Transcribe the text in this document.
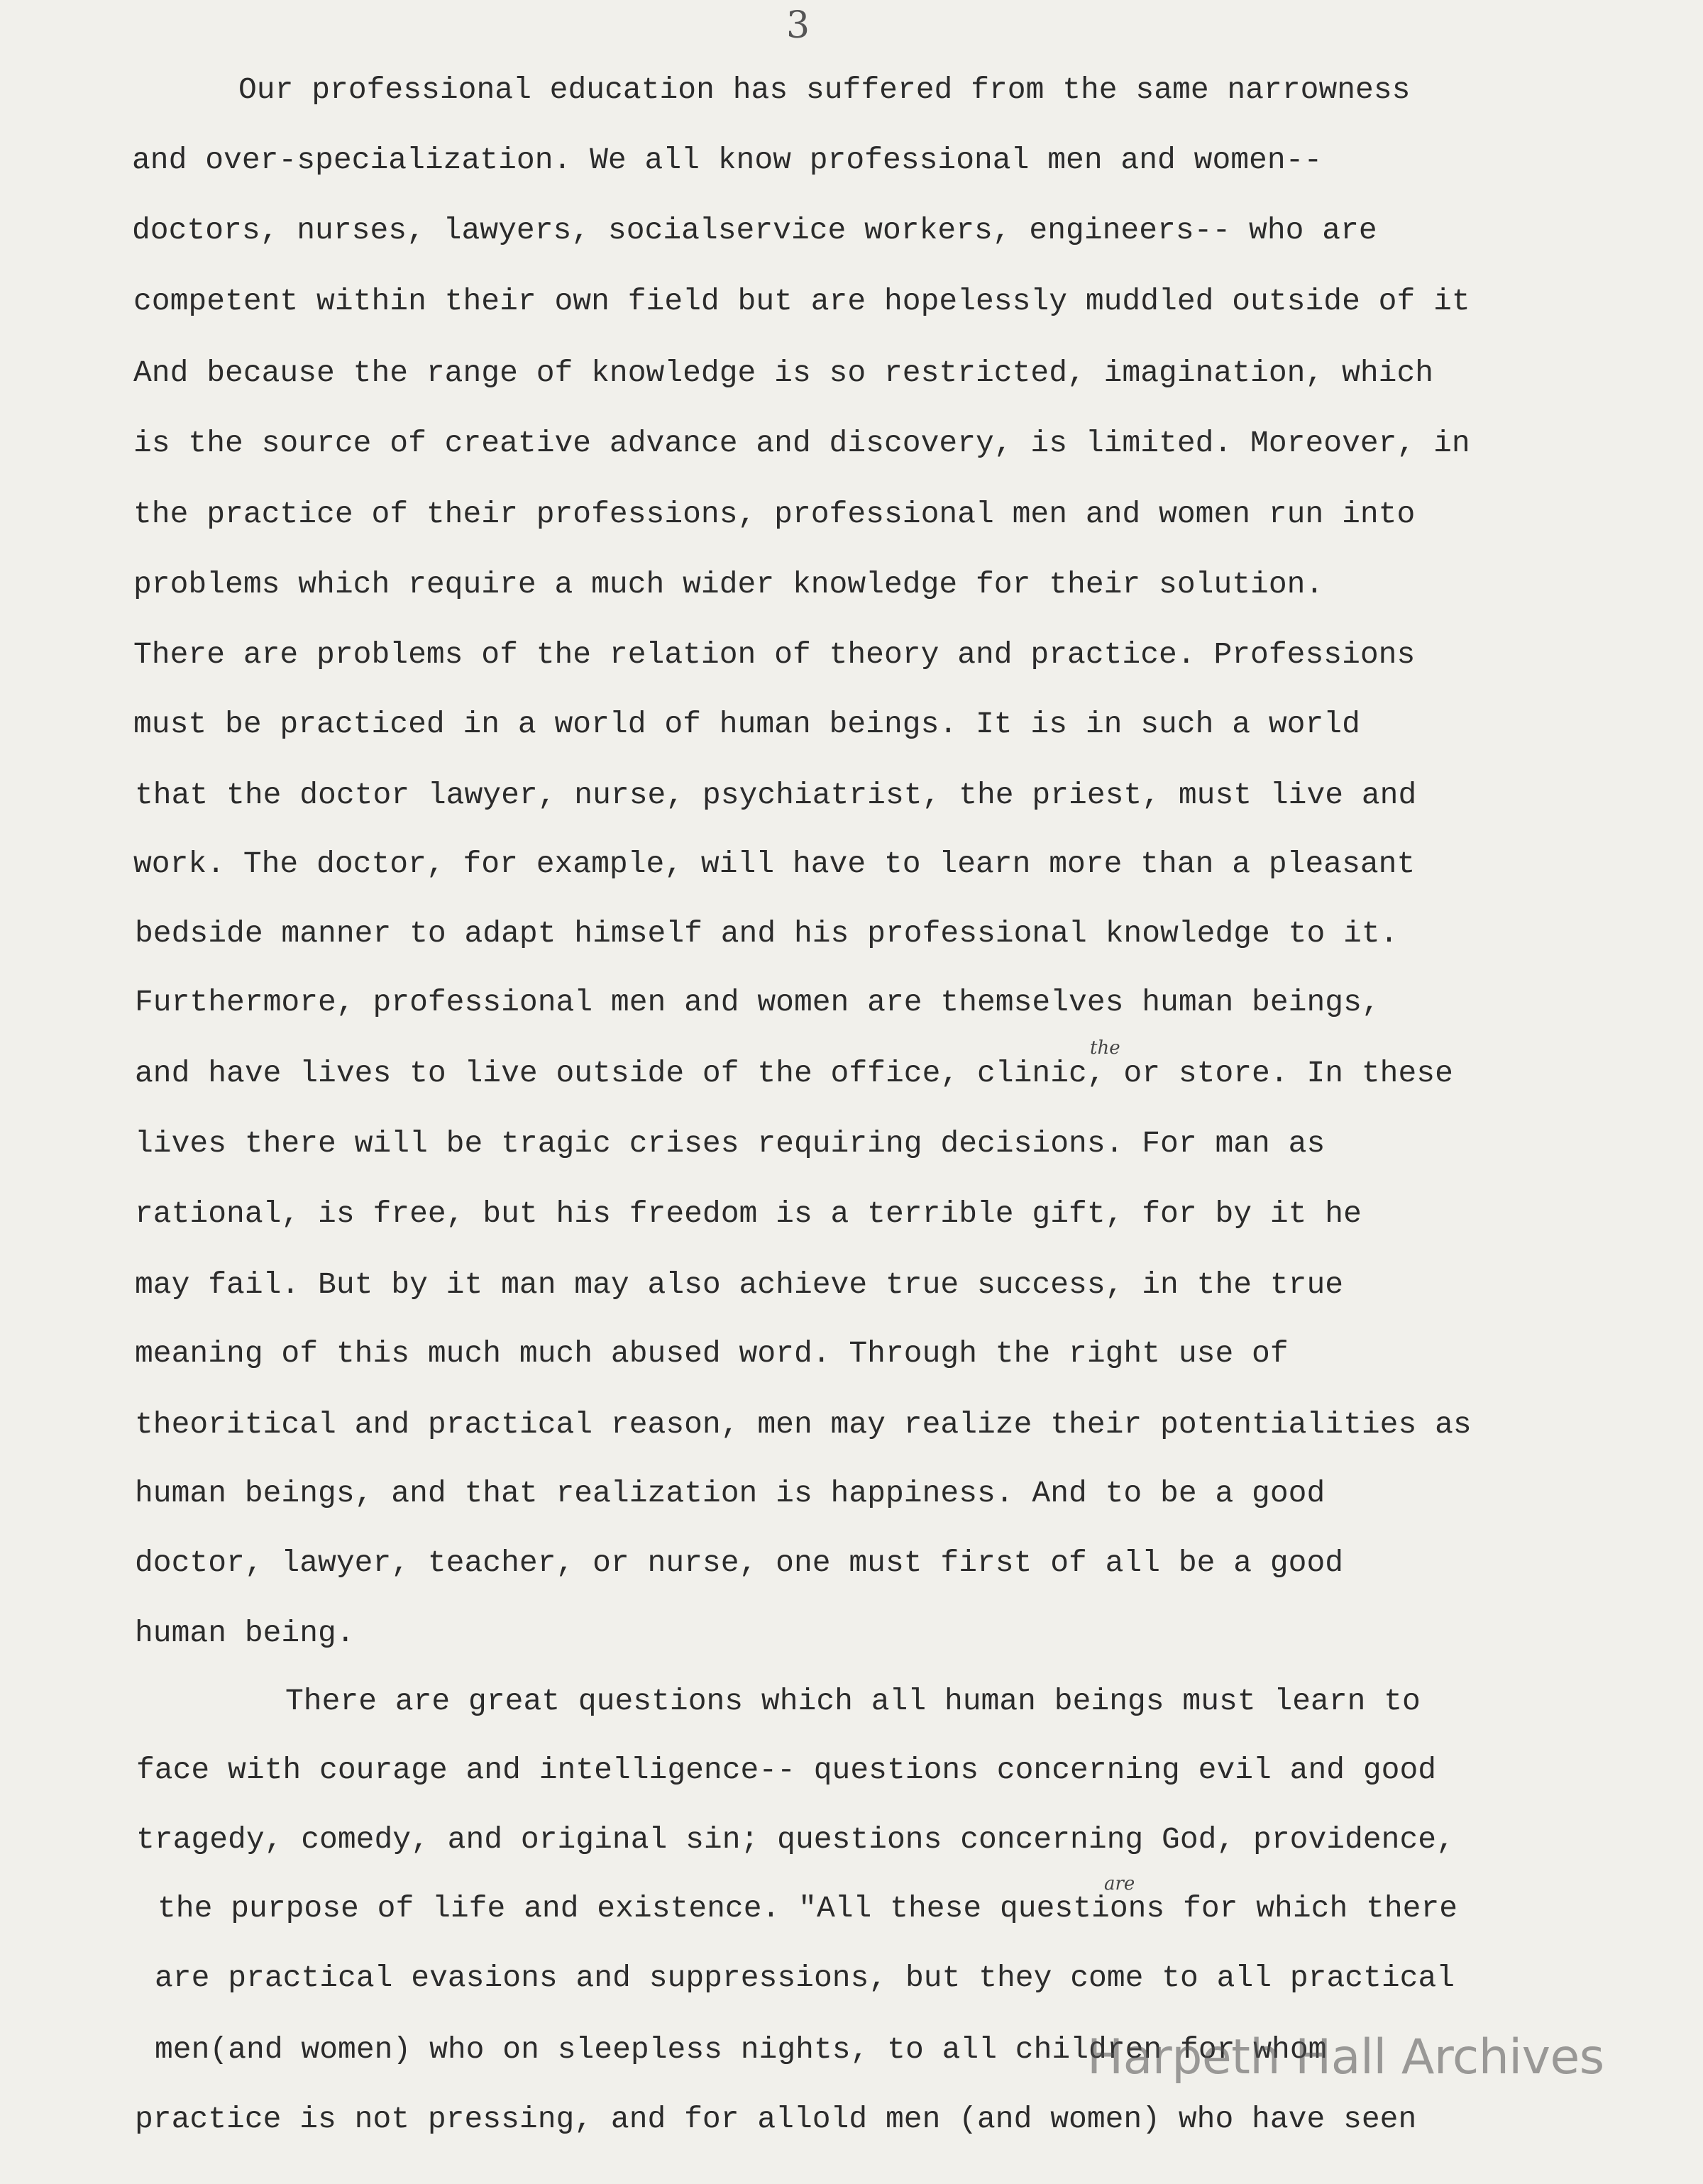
3
Our professional education has suffered from the same narrowness
and over-specialization. We all know professional men and women--
doctors, nurses, lawyers, socialservice workers, engineers-- who are
competent within their own field but are hopelessly muddled outside of it
And because the range of knowledge is so restricted, imagination, which
is the source of creative advance and discovery, is limited. Moreover, in
the practice of their professions, professional men and women run into
problems which require a much wider knowledge for their solution.
There are problems of the relation of theory and practice. Professions
must be practiced in a world of human beings. It is in such a world
that the doctor lawyer, nurse, psychiatrist, the priest, must live and
work. The doctor, for example, will have to learn more than a pleasant
bedside manner to adapt himself and his professional knowledge to it.
Furthermore, professional men and women are themselves human beings,
and have lives to live outside of the office, clinic, or store. In these
lives there will be tragic crises requiring decisions. For man as
rational, is free, but his freedom is a terrible gift, for by it he
may fail. But by it man may also achieve true success, in the true
meaning of this much much abused word. Through the right use of
theoritical and practical reason, men may realize their potentialities as
human beings, and that realization is happiness. And to be a good
doctor, lawyer, teacher, or nurse, one must first of all be a good
human being.
There are great questions which all human beings must learn to
face with courage and intelligence-- questions concerning evil and good
tragedy, comedy, and original sin; questions concerning God, providence,
the purpose of life and existence. "All these questions for which there
are practical evasions and suppressions, but they come to all practical
men(and women) who on sleepless nights, to all children for whom
practice is not pressing, and for allold men (and women) who have seen
the
are
Harpeth Hall Archives
